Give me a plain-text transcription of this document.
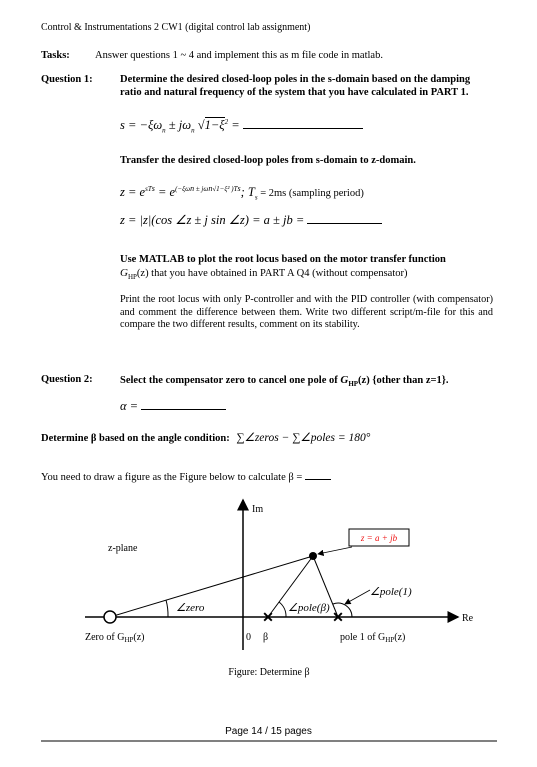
Control & Instrumentations 2 CW1 (digital control lab assignment)
Tasks: Answer questions 1 ~ 4 and implement this as m file code in matlab.
Question 1:	Determine the desired closed-loop poles in the s-domain based on the damping
ratio and natural frequency of the system that you have calculated in PART 1.
$s = -\xi\omega_n \pm j\omega_n$ $√1-\xi^2$ =
Transfer the desired closed-loop poles from s-domain to z-domain.
$z = e^{sTs} = e^{(-\xi\omega n \pm j\omega n√1-\xi^2 )Ts}$; $T_s = 2ms$ (sampling period)
z = |z|(cos ∠z ± j sin ∠z) = a ± jb =
Use MATLAB to plot the root locus based on the motor transfer function
$G_{HP}(z)$ that you have obtained in PART A Q4 (without compensator)
Print the root locus with only P-controller and with the PID controller (with compensator) and comment the difference between them. Write two different script/m-file for this and compare the two different results, comment on its stability.
Question 2:	Select the compensator zero to cancel one pole of $G_{HP}(z)$ {other than z=1}.
α =
Determine β based on the angle condition: ∑∠zeros − ∑∠poles = 180°
You need to draw a figure as the Figure below to calculate β =
✕	✕
z = a + jb
Im
Re
z-plane
∠zero	∠pole(β)
∠pole(1)
0 β
Zero of $G_{HP}(z)$	pole 1 of $G_{HP}(z)$
Figure: Determine β
Page 14 / 15 pages
